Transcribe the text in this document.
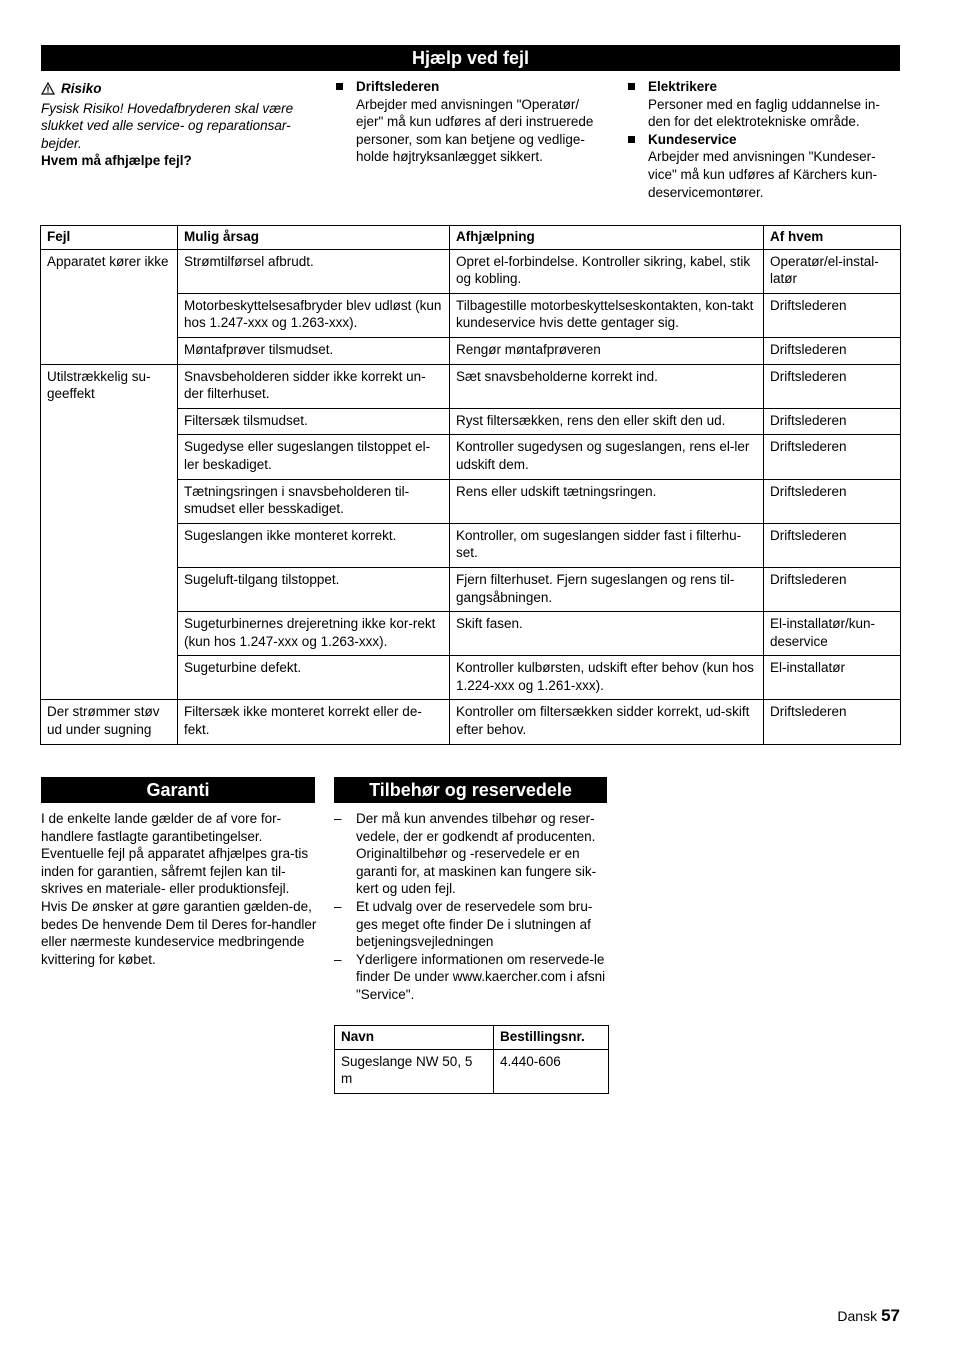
Hjælp ved fejl

Risiko

Fysisk Risiko! Hovedafbryderen skal være slukket ved alle service- og reparationsar-bejder.

Hvem må afhjælpe fejl?

Driftslederen

Arbejder med anvisningen "Operatør/ ejer" må kun udføres af deri instruerede personer, som kan betjene og vedlige-holde højtryksanlægget sikkert.

Elektrikere

Personer med en faglig uddannelse in-den for det elektrotekniske område.

Kundeservice

Arbejder med anvisningen "Kundeser-vice" må kun udføres af Kärchers kun-deservicemontører.

Fejl	Mulig årsag	Afhjælpning	Af hvem
Apparatet kører ikke	Strømtilførsel afbrudt.	Opret el-forbindelse. Kontroller sikring, kabel, stik og kobling.	Operatør/el-instal-latør
	Motorbeskyttelsesafbryder blev udløst (kun hos 1.247-xxx og 1.263-xxx).	Tilbagestille motorbeskyttelseskontakten, kon-takt kundeservice hvis dette gentager sig.	Driftslederen
	Møntafprøver tilsmudset.	Rengør møntafprøveren	Driftslederen
Utilstrækkelig su-geeffekt	Snavsbeholderen sidder ikke korrekt un-der filterhuset.	Sæt snavsbeholderne korrekt ind.	Driftslederen
	Filtersæk tilsmudset.	Ryst filtersækken, rens den eller skift den ud.	Driftslederen
	Sugedyse eller sugeslangen tilstoppet el-ler beskadiget.	Kontroller sugedysen og sugeslangen, rens el-ler udskift dem.	Driftslederen
	Tætningsringen i snavsbeholderen til-smudset eller besskadiget.	Rens eller udskift tætningsringen.	Driftslederen
	Sugeslangen ikke monteret korrekt.	Kontroller, om sugeslangen sidder fast i filterhu-set.	Driftslederen
	Sugeluft-tilgang tilstoppet.	Fjern filterhuset. Fjern sugeslangen og rens til-gangsåbningen.	Driftslederen
	Sugeturbinernes drejeretning ikke kor-rekt (kun hos 1.247-xxx og 1.263-xxx).	Skift fasen.	El-installatør/kun-deservice
	Sugeturbine defekt.	Kontroller kulbørsten, udskift efter behov (kun hos 1.224-xxx og 1.261-xxx).	El-installatør
Der strømmer støv ud under sugning	Filtersæk ikke monteret korrekt eller de-fekt.	Kontroller om filtersækken sidder korrekt, ud-skift efter behov.	Driftslederen
Garanti

I de enkelte lande gælder de af vore for-handlere fastlagte garantibetingelser. Eventuelle fejl på apparatet afhjælpes gra-tis inden for garantien, såfremt fejlen kan til-skrives en materiale- eller produktionsfejl. Hvis De ønsker at gøre garantien gælden-de, bedes De henvende Dem til Deres for-handler eller nærmeste kundeservice medbringende kvittering for købet.

Tilbehør og reservedele
– Der må kun anvendes tilbehør og reser-vedele, der er godkendt af producenten. Originaltilbehør og -reservedele er en garanti for, at maskinen kan fungere sik-kert og uden fejl.

– Et udvalg over de reservedele som bru-ges meget ofte finder De i slutningen af betjeningsvejledningen

– Yderligere informationen om reservede-le finder De under www.kaercher.com i afsni "Service".

Navn	Bestillingsnr.
Sugeslange NW 50, 5 m	4.440-606
Dansk 57
